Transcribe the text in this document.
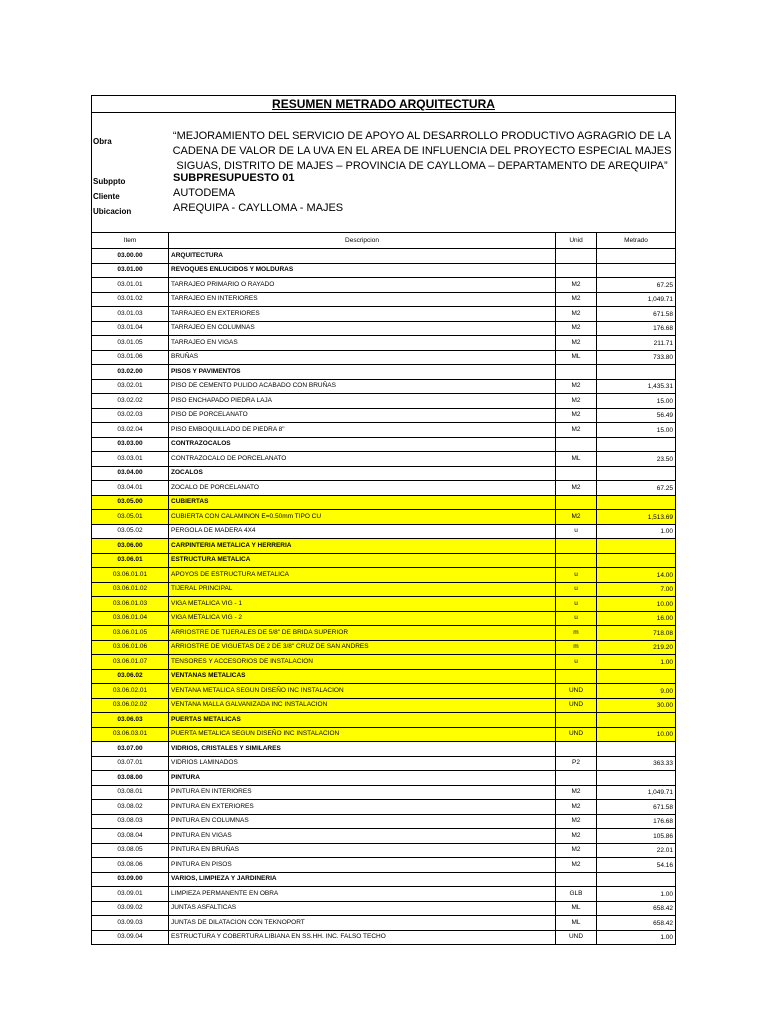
RESUMEN METRADO ARQUITECTURA
Obra	“MEJORAMIENTO DEL SERVICIO DE APOYO AL DESARROLLO PRODUCTIVO AGRAGRIO DE LA CADENA DE VALOR DE LA UVA EN EL AREA DE INFLUENCIA DEL PROYECTO ESPECIAL MAJES SIGUAS, DISTRITO DE MAJES – PROVINCIA DE CAYLLOMA – DEPARTAMENTO DE AREQUIPA”
Subppto	SUBPRESUPUESTO 01
Cliente	AUTODEMA
Ubicacion	AREQUIPA - CAYLLOMA - MAJES
Item	Descripcion	Unid	Metrado
03.00.00	ARQUITECTURA		
03.01.00	REVOQUES ENLUCIDOS Y MOLDURAS		
03.01.01	TARRAJEO PRIMARIO O RAYADO	M2	67.25
03.01.02	TARRAJEO EN INTERIORES	M2	1,049.71
03.01.03	TARRAJEO EN EXTERIORES	M2	671.58
03.01.04	TARRAJEO EN COLUMNAS	M2	176.68
03.01.05	TARRAJEO EN VIGAS	M2	211.71
03.01.06	BRUÑAS	ML	733.80
03.02.00	PISOS Y PAVIMENTOS		
03.02.01	PISO DE CEMENTO PULIDO ACABADO CON BRUÑAS	M2	1,435.31
03.02.02	PISO ENCHAPADO PIEDRA LAJA	M2	15.00
03.02.03	PISO DE PORCELANATO	M2	56.49
03.02.04	PISO EMBOQUILLADO DE PIEDRA 8"	M2	15.00
03.03.00	CONTRAZOCALOS		
03.03.01	CONTRAZOCALO DE PORCELANATO	ML	23.50
03.04.00	ZOCALOS		
03.04.01	ZOCALO DE PORCELANATO	M2	67.25
03.05.00	CUBIERTAS		
03.05.01	CUBIERTA CON CALAMINON E=0.50mm TIPO CU	M2	1,513.69
03.05.02	PERGOLA DE MADERA 4X4	u	1.00
03.06.00	CARPINTERIA METALICA Y HERRERIA		
03.06.01	ESTRUCTURA METALICA		
03.06.01.01	APOYOS DE ESTRUCTURA METALICA	u	14.00
03.06.01.02	TIJERAL PRINCIPAL	u	7.00
03.06.01.03	VIGA METALICA VIG - 1	u	10.00
03.06.01.04	VIGA METALICA VIG - 2	u	16.00
03.06.01.05	ARRIOSTRE DE TIJERALES DE 5/8" DE BRIDA SUPERIOR	m	718.08
03.06.01.06	ARRIOSTRE DE VIGUETAS DE 2 DE 3/8" CRUZ DE SAN ANDRES	m	219.20
03.06.01.07	TENSORES Y ACCESORIOS DE INSTALACION	u	1.00
03.06.02	VENTANAS METALICAS		
03.06.02.01	VENTANA METALICA SEGUN DISEÑO INC INSTALACION	UND	9.00
03.06.02.02	VENTANA MALLA GALVANIZADA INC INSTALACION	UND	30.00
03.06.03	PUERTAS METALICAS		
03.06.03.01	PUERTA METALICA SEGUN DISEÑO INC INSTALACION	UND	10.00
03.07.00	VIDRIOS, CRISTALES Y SIMILARES		
03.07.01	VIDRIOS LAMINADOS	P2	363.33
03.08.00	PINTURA		
03.08.01	PINTURA EN INTERIORES	M2	1,049.71
03.08.02	PINTURA EN EXTERIORES	M2	671.58
03.08.03	PINTURA EN COLUMNAS	M2	176.68
03.08.04	PINTURA EN VIGAS	M2	105.86
03.08.05	PINTURA EN BRUÑAS	M2	22.01
03.08.06	PINTURA EN PISOS	M2	54.16
03.09.00	VARIOS, LIMPIEZA Y JARDINERIA		
03.09.01	LIMPIEZA PERMANENTE EN OBRA	GLB	1.00
03.09.02	JUNTAS ASFALTICAS	ML	658.42
03.09.03	JUNTAS DE DILATACION CON TEKNOPORT	ML	658.42
03.09.04	ESTRUCTURA Y COBERTURA LIBIANA EN SS.HH. INC. FALSO TECHO	UND	1.00
